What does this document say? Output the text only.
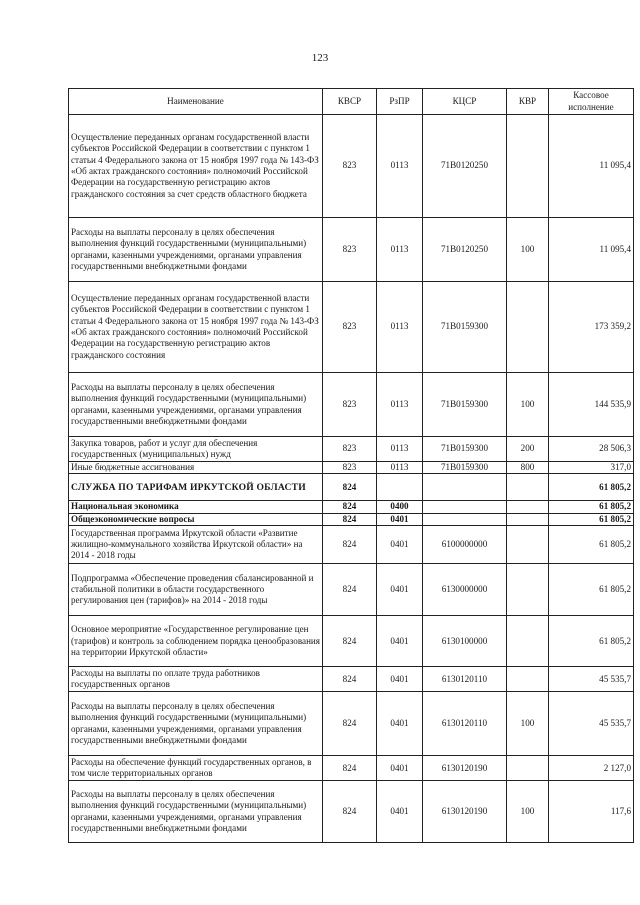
123
Наименование	КВСР	РзПР	КЦСР	КВР	Кассовое исполнение
Осуществление переданных органам государственной власти субъектов Российской Федерации в соответствии с пунктом 1 статьи 4 Федерального закона от 15 ноября 1997 года № 143-ФЗ «Об актах гражданского состояния» полномочий Российской Федерации на государственную регистрацию актов гражданского состояния за счет средств областного бюджета	823	0113	71В0120250		11 095,4
Расходы на выплаты персоналу в целях обеспечения выполнения функций государственными (муниципальными) органами, казенными учреждениями, органами управления государственными внебюджетными фондами	823	0113	71В0120250	100	11 095,4
Осуществление переданных органам государственной власти субъектов Российской Федерации в соответствии с пунктом 1 статьи 4 Федерального закона от 15 ноября 1997 года № 143-ФЗ «Об актах гражданского состояния» полномочий Российской Федерации на государственную регистрацию актов гражданского состояния	823	0113	71В0159300		173 359,2
Расходы на выплаты персоналу в целях обеспечения выполнения функций государственными (муниципальными) органами, казенными учреждениями, органами управления государственными внебюджетными фондами	823	0113	71В0159300	100	144 535,9
Закупка товаров, работ и услуг для обеспечения государственных (муниципальных) нужд	823	0113	71В0159300	200	28 506,3
Иные бюджетные ассигнования	823	0113	71В0159300	800	317,0
СЛУЖБА ПО ТАРИФАМ ИРКУТСКОЙ ОБЛАСТИ	824				61 805,2
Национальная экономика	824	0400			61 805,2
Общеэкономические вопросы	824	0401			61 805,2
Государственная программа Иркутской области «Развитие жилищно-коммунального хозяйства Иркутской области» на 2014 - 2018 годы	824	0401	6100000000		61 805,2
Подпрограмма «Обеспечение проведения сбалансированной и стабильной политики в области государственного регулирования цен (тарифов)» на 2014 - 2018 годы	824	0401	6130000000		61 805,2
Основное мероприятие «Государственное регулирование цен (тарифов) и контроль за соблюдением порядка ценообразования на территории Иркутской области»	824	0401	6130100000		61 805,2
Расходы на выплаты по оплате труда работников государственных органов	824	0401	6130120110		45 535,7
Расходы на выплаты персоналу в целях обеспечения выполнения функций государственными (муниципальными) органами, казенными учреждениями, органами управления государственными внебюджетными фондами	824	0401	6130120110	100	45 535,7
Расходы на обеспечение функций государственных органов, в том числе территориальных органов	824	0401	6130120190		2 127,0
Расходы на выплаты персоналу в целях обеспечения выполнения функций государственными (муниципальными) органами, казенными учреждениями, органами управления государственными внебюджетными фондами	824	0401	6130120190	100	117,6
